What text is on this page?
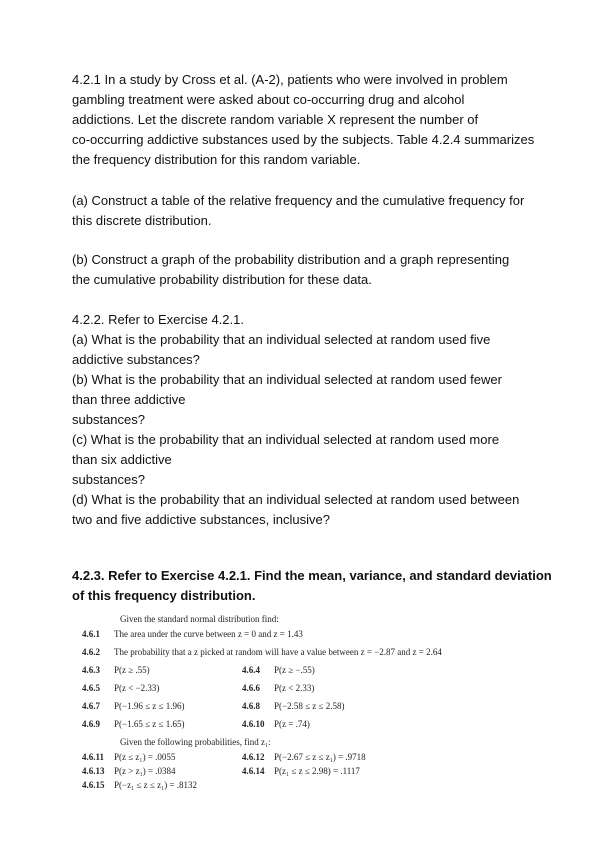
4.2.1 In a study by Cross et al. (A-2), patients who were involved in problem
gambling treatment were asked about co-occurring drug and alcohol
addictions. Let the discrete random variable X represent the number of
co-occurring addictive substances used by the subjects. Table 4.2.4 summarizes
the frequency distribution for this random variable.
(a) Construct a table of the relative frequency and the cumulative frequency for
this discrete distribution.
(b) Construct a graph of the probability distribution and a graph representing
the cumulative probability distribution for these data.
4.2.2. Refer to Exercise 4.2.1.
(a) What is the probability that an individual selected at random used five
addictive substances?
(b) What is the probability that an individual selected at random used fewer
than three addictive
substances?
(c) What is the probability that an individual selected at random used more
than six addictive
substances?
(d) What is the probability that an individual selected at random used between
two and five addictive substances, inclusive?
4.2.3. Refer to Exercise 4.2.1. Find the mean, variance, and standard deviation
of this frequency distribution.
Given the standard normal distribution find:
4.6.1 The area under the curve between z = 0 and z = 1.43
4.6.2 The probability that a z picked at random will have a value between z = −2.87 and z = 2.64
4.6.3 P(z ≥ .55)	4.6.4 P(z ≥ −.55)
4.6.5 P(z < −2.33)	4.6.6 P(z < 2.33)
4.6.7 P(−1.96 ≤ z ≤ 1.96)	4.6.8 P(−2.58 ≤ z ≤ 2.58)
4.6.9 P(−1.65 ≤ z ≤ 1.65)	4.6.10 P(z = .74)
Given the following probabilities, find z₁:
4.6.11 P(z ≤ z₁) = .0055	4.6.12 P(−2.67 ≤ z ≤ z₁) = .9718
4.6.13 P(z > z₁) = .0384	4.6.14 P(z₁ ≤ z ≤ 2.98) = .1117
4.6.15 P(−z₁ ≤ z ≤ z₁) = .8132
